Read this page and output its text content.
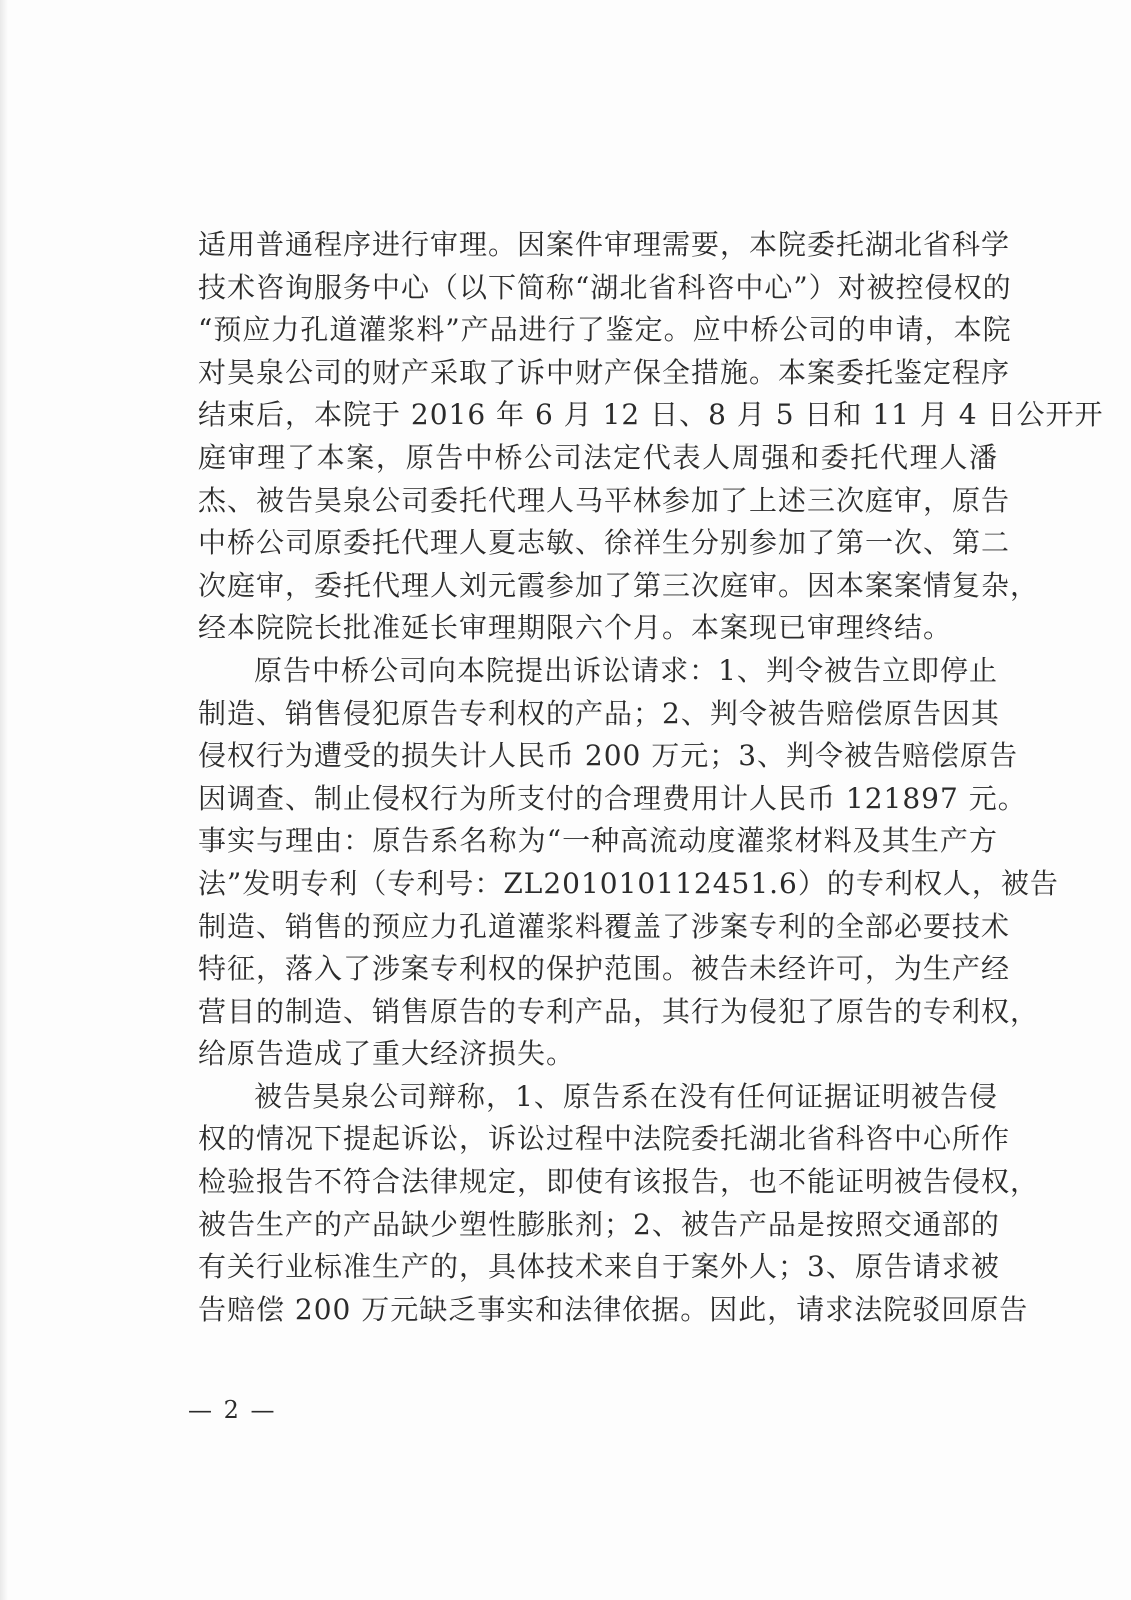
适用普通程序进行审理。因案件审理需要，本院委托湖北省科学
技术咨询服务中心（以下简称“湖北省科咨中心”）对被控侵权的
“预应力孔道灌浆料”产品进行了鉴定。应中桥公司的申请，本院
对昊泉公司的财产采取了诉中财产保全措施。本案委托鉴定程序
结束后，本院于 2016 年 6 月 12 日、8 月 5 日和 11 月 4 日公开开
庭审理了本案，原告中桥公司法定代表人周强和委托代理人潘
杰、被告昊泉公司委托代理人马平林参加了上述三次庭审，原告
中桥公司原委托代理人夏志敏、徐祥生分别参加了第一次、第二
次庭审，委托代理人刘元霞参加了第三次庭审。因本案案情复杂，
经本院院长批准延长审理期限六个月。本案现已审理终结。
原告中桥公司向本院提出诉讼请求：1、判令被告立即停止
制造、销售侵犯原告专利权的产品；2、判令被告赔偿原告因其
侵权行为遭受的损失计人民币 200 万元；3、判令被告赔偿原告
因调查、制止侵权行为所支付的合理费用计人民币 121897 元。
事实与理由：原告系名称为“一种高流动度灌浆材料及其生产方
法”发明专利（专利号：ZL201010112451.6）的专利权人，被告
制造、销售的预应力孔道灌浆料覆盖了涉案专利的全部必要技术
特征，落入了涉案专利权的保护范围。被告未经许可，为生产经
营目的制造、销售原告的专利产品，其行为侵犯了原告的专利权，
给原告造成了重大经济损失。
被告昊泉公司辩称，1、原告系在没有任何证据证明被告侵
权的情况下提起诉讼，诉讼过程中法院委托湖北省科咨中心所作
检验报告不符合法律规定，即使有该报告，也不能证明被告侵权，
被告生产的产品缺少塑性膨胀剂；2、被告产品是按照交通部的
有关行业标准生产的，具体技术来自于案外人；3、原告请求被
告赔偿 200 万元缺乏事实和法律依据。因此，请求法院驳回原告
— 2 —
